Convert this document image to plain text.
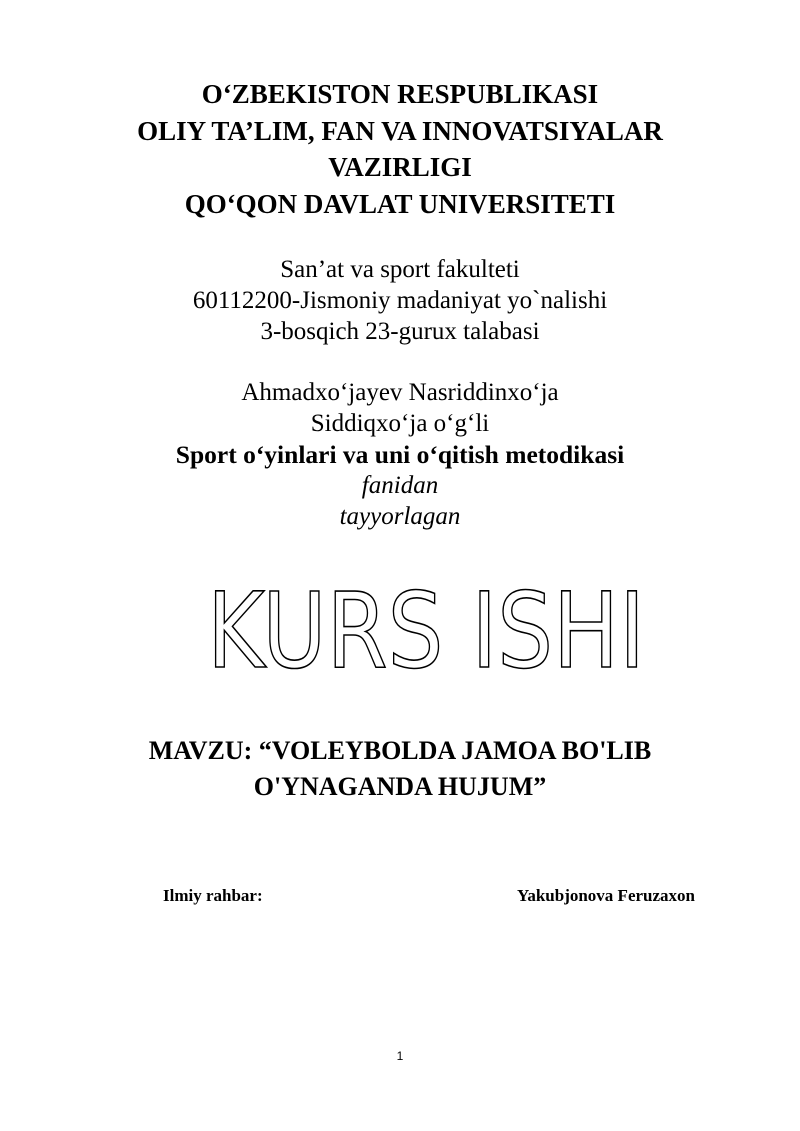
O‘ZBEKISTON RESPUBLIKASI
OLIY TA’LIM, FAN VA INNOVATSIYALAR
VAZIRLIGI
QO‘QON DAVLAT UNIVERSITETI
San’at va sport fakulteti
60112200-Jismoniy madaniyat yo`nalishi
3-bosqich 23-gurux talabasi
Ahmadxo‘jayev Nasriddinxo‘ja
Siddiqxo‘ja o‘g‘li
Sport o‘yinlari va uni o‘qitish metodikasi
fanidan
tayyorlagan
KURS ISHI
MAVZU: “VOLEYBOLDA JAMOA BO'LIB
O'YNAGANDA HUJUM”
Ilmiy rahbar:	Yakubjonova Feruzaxon
1
